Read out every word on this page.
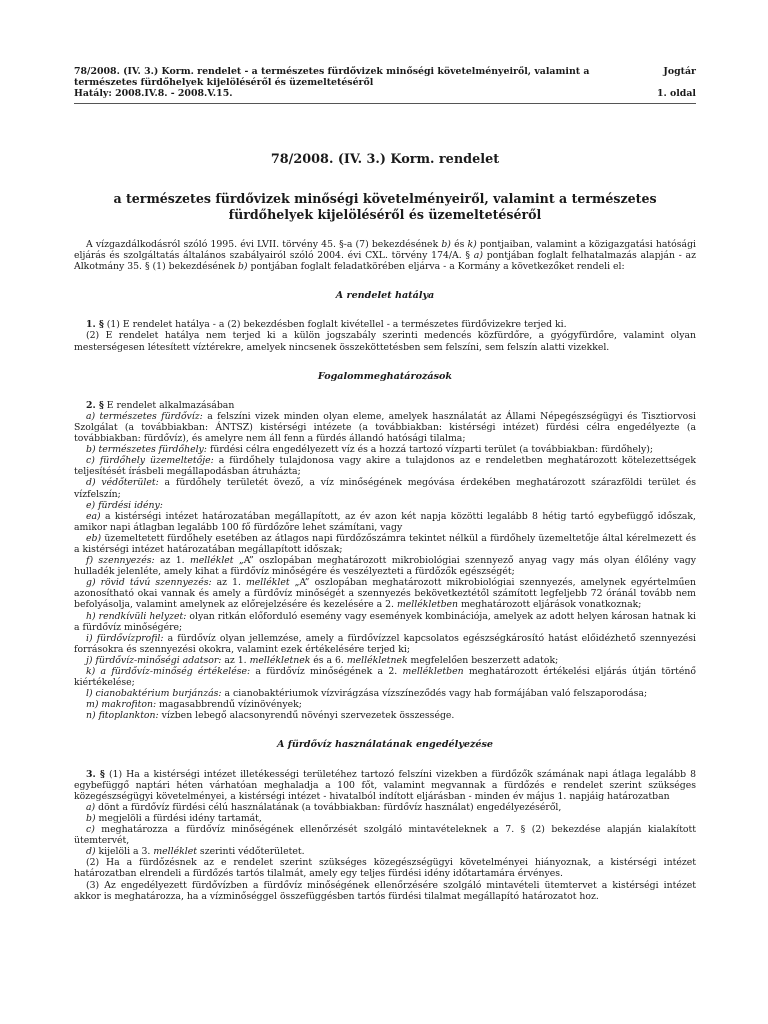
78/2008. (IV. 3.) Korm. rendelet - a természetes fürdővizek minőségi követelményeiről, valamint a természetes fürdőhelyek kijelöléséről és üzemeltetéséről
Hatály: 2008.IV.8. - 2008.V.15.
Jogtár
1. oldal
78/2008. (IV. 3.) Korm. rendelet
a természetes fürdővizek minőségi követelményeiről, valamint a természetes fürdőhelyek kijelöléséről és üzemeltetéséről

A vízgazdálkodásról szóló 1995. évi LVII. törvény 45. §-a (7) bekezdésének b) és k) pontjaiban, valamint a közigazgatási hatósági eljárás és szolgáltatás általános szabályairól szóló 2004. évi CXL. törvény 174/A. § a) pontjában foglalt felhatalmazás alapján - az Alkotmány 35. § (1) bekezdésének b) pontjában foglalt feladatkörében eljárva - a Kormány a következőket rendeli el:

A rendelet hatálya

1. § (1) E rendelet hatálya - a (2) bekezdésben foglalt kivétellel - a természetes fürdővizekre terjed ki.

(2) E rendelet hatálya nem terjed ki a külön jogszabály szerinti medencés közfürdőre, a gyógyfürdőre, valamint olyan mesterségesen létesített víztérekre, amelyek nincsenek összeköttetésben sem felszíni, sem felszín alatti vizekkel.

Fogalommeghatározások

2. § E rendelet alkalmazásában

a) természetes fürdővíz: a felszíni vizek minden olyan eleme, amelyek használatát az Állami Népegészségügyi és Tisztiorvosi Szolgálat (a továbbiakban: ÁNTSZ) kistérségi intézete (a továbbiakban: kistérségi intézet) fürdési célra engedélyezte (a továbbiakban: fürdővíz), és amelyre nem áll fenn a fürdés állandó hatósági tilalma;

b) természetes fürdőhely: fürdési célra engedélyezett víz és a hozzá tartozó vízparti terület (a továbbiakban: fürdőhely);

c) fürdőhely üzemeltetője: a fürdőhely tulajdonosa vagy akire a tulajdonos az e rendeletben meghatározott kötelezettségek teljesítését írásbeli megállapodásban átruházta;

d) védőterület: a fürdőhely területét övező, a víz minőségének megóvása érdekében meghatározott szárazföldi terület és vízfelszín;

e) fürdési idény:

ea) a kistérségi intézet határozatában megállapított, az év azon két napja közötti legalább 8 hétig tartó egybefüggő időszak, amikor napi átlagban legalább 100 fő fürdőzőre lehet számítani, vagy

eb) üzemeltetett fürdőhely esetében az átlagos napi fürdőzőszámra tekintet nélkül a fürdőhely üzemeltetője által kérelmezett és a kistérségi intézet határozatában megállapított időszak;

f) szennyezés: az 1. melléklet „A” oszlopában meghatározott mikrobiológiai szennyező anyag vagy más olyan élőlény vagy hulladék jelenléte, amely kihat a fürdővíz minőségére és veszélyezteti a fürdőzők egészségét;

g) rövid távú szennyezés: az 1. melléklet „A” oszlopában meghatározott mikrobiológiai szennyezés, amelynek egyértelműen azonosítható okai vannak és amely a fürdővíz minőségét a szennyezés bekövetkeztétől számított legfeljebb 72 óránál tovább nem befolyásolja, valamint amelynek az előrejelzésére és kezelésére a 2. mellékletben meghatározott eljárások vonatkoznak;

h) rendkívüli helyzet: olyan ritkán előforduló esemény vagy események kombinációja, amelyek az adott helyen károsan hatnak ki a fürdővíz minőségére;

i) fürdővízprofil: a fürdővíz olyan jellemzése, amely a fürdővízzel kapcsolatos egészségkárosító hatást előidézhető szennyezési forrásokra és szennyezési okokra, valamint ezek értékelésére terjed ki;

j) fürdővíz-minőségi adatsor: az 1. mellékletnek és a 6. mellékletnek megfelelően beszerzett adatok;

k) a fürdővíz-minőség értékelése: a fürdővíz minőségének a 2. mellékletben meghatározott értékelési eljárás útján történő kiértékelése;

l) cianobaktérium burjánzás: a cianobaktériumok vízvirágzása vízszíneződés vagy hab formájában való felszaporodása;

m) makrofiton: magasabbrendű vízinövények;

n) fitoplankton: vízben lebegő alacsonyrendű növényi szervezetek összessége.

A fürdővíz használatának engedélyezése

3. § (1) Ha a kistérségi intézet illetékességi területéhez tartozó felszíni vizekben a fürdőzők számának napi átlaga legalább 8 egybefüggő naptári héten várhatóan meghaladja a 100 főt, valamint megvannak a fürdőzés e rendelet szerint szükséges közegészségügyi követelményei, a kistérségi intézet - hivatalból indított eljárásban - minden év május 1. napjáig határozatban

a) dönt a fürdővíz fürdési célú használatának (a továbbiakban: fürdővíz használat) engedélyezéséről,

b) megjelöli a fürdési idény tartamát,

c) meghatározza a fürdővíz minőségének ellenőrzését szolgáló mintavételeknek a 7. § (2) bekezdése alapján kialakított ütemtervét,

d) kijelöli a 3. melléklet szerinti védőterületet.

(2) Ha a fürdőzésnek az e rendelet szerint szükséges közegészségügyi követelményei hiányoznak, a kistérségi intézet határozatban elrendeli a fürdőzés tartós tilalmát, amely egy teljes fürdési idény időtartamára érvényes.

(3) Az engedélyezett fürdővízben a fürdővíz minőségének ellenőrzésére szolgáló mintavételi ütemtervet a kistérségi intézet akkor is meghatározza, ha a vízminőséggel összefüggésben tartós fürdési tilalmat megállapító határozatot hoz.
